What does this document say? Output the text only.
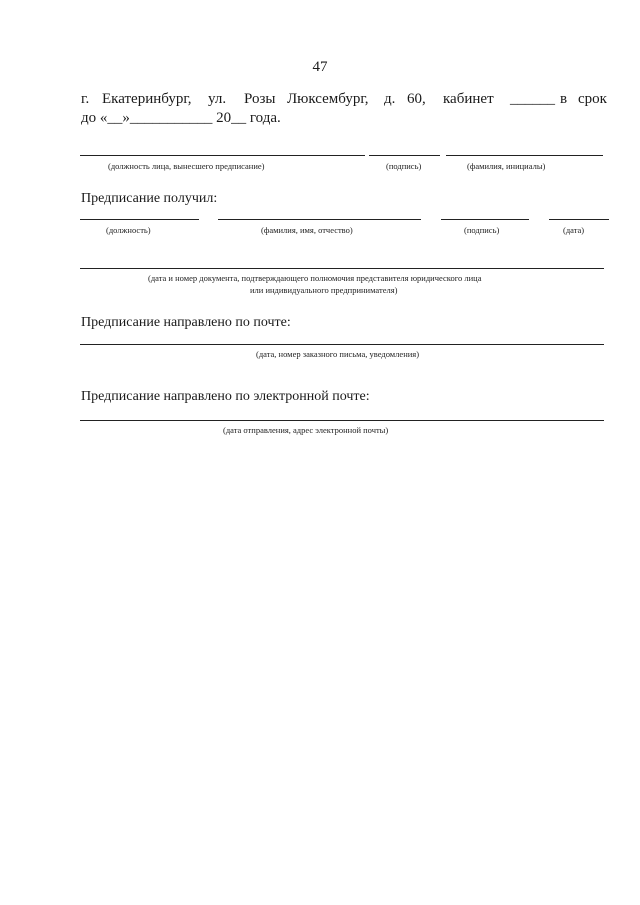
47
г. Екатеринбург, ул. Розы Люксембург, д. 60, кабинет ______ в срок
до «__»___________ 20__ года.
(должность лица, вынесшего предписание)	(подпись)	(фамилия, инициалы)
Предписание получил:
(должность)	(фамилия, имя, отчество)	(подпись)	(дата)
(дата и номер документа, подтверждающего полномочия представителя юридического лица
или индивидуального предпринимателя)
Предписание направлено по почте:
(дата, номер заказного письма, уведомления)
Предписание направлено по электронной почте:
(дата отправления, адрес электронной почты)
